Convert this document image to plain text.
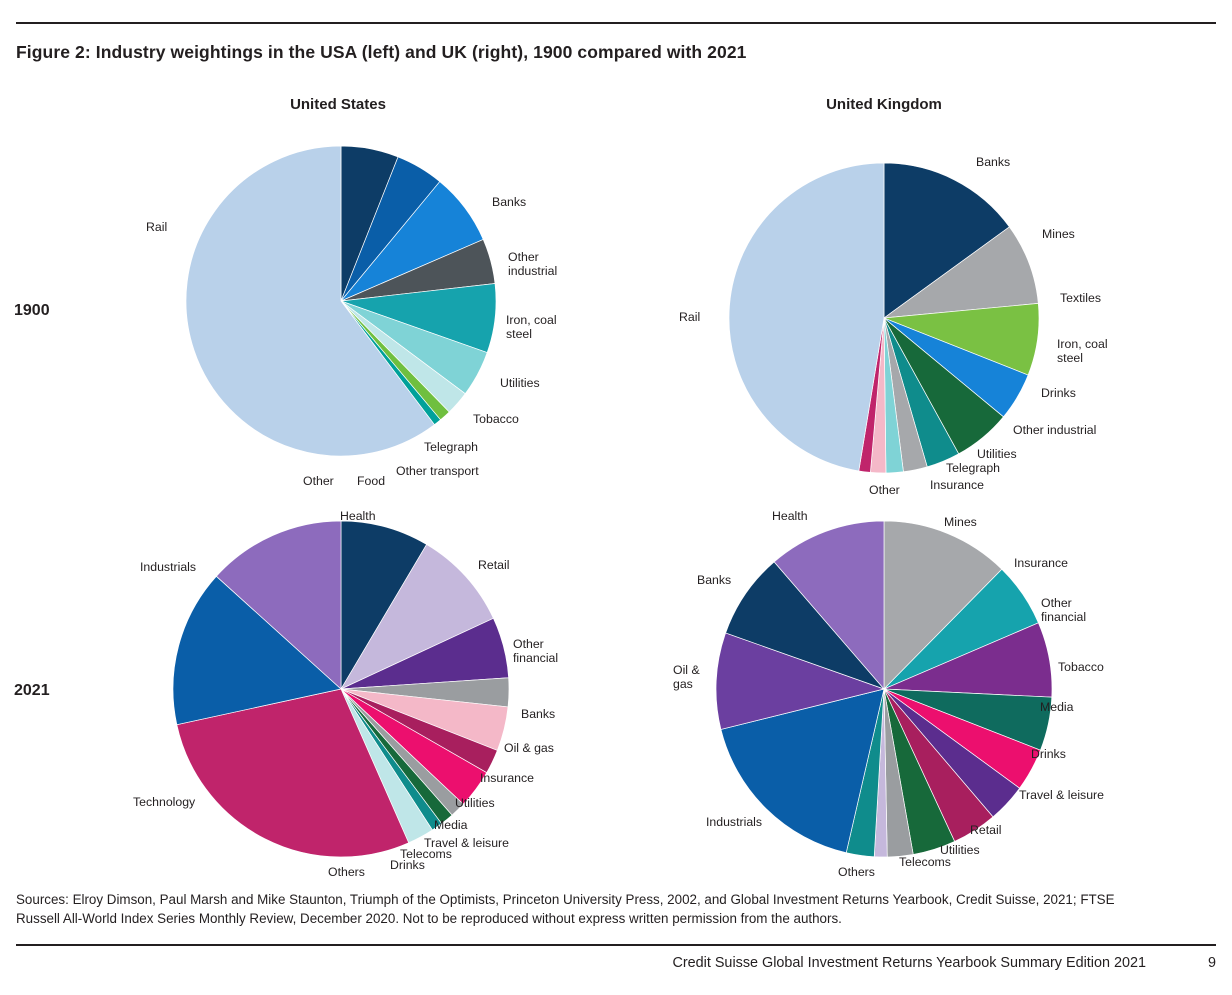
Figure 2: Industry weightings in the USA (left) and UK (right), 1900 compared with 2021
United States	United Kingdom
1900
2021
Rail
Banks
Other
industrial
Iron, coal
steel
Utilities
Tobacco
Telegraph
Other transport
Food
Other
Rail
Banks
Mines
Textiles
Iron, coal
steel
Drinks
Other industrial
Utilities
Telegraph
Insurance
Other
Health
Industrials	Retail
Other
financial
Banks
Oil & gas
Insurance
Utilities
Media
Travel & leisure
Telecoms
Drinks
Technology
Others
Health	Mines
Banks
Insurance
Other
financial
Tobacco
Media
Drinks
Travel & leisure
Retail
Utilities
Telecoms
Oil &
gas
Industrials
Others
Sources: Elroy Dimson, Paul Marsh and Mike Staunton, Triumph of the Optimists, Princeton University Press, 2002, and Global Investment Returns Yearbook, Credit Suisse, 2021; FTSE Russell All-World Index Series Monthly Review, December 2020. Not to be reproduced without express written permission from the authors.
Credit Suisse Global Investment Returns Yearbook Summary Edition 2021	9
